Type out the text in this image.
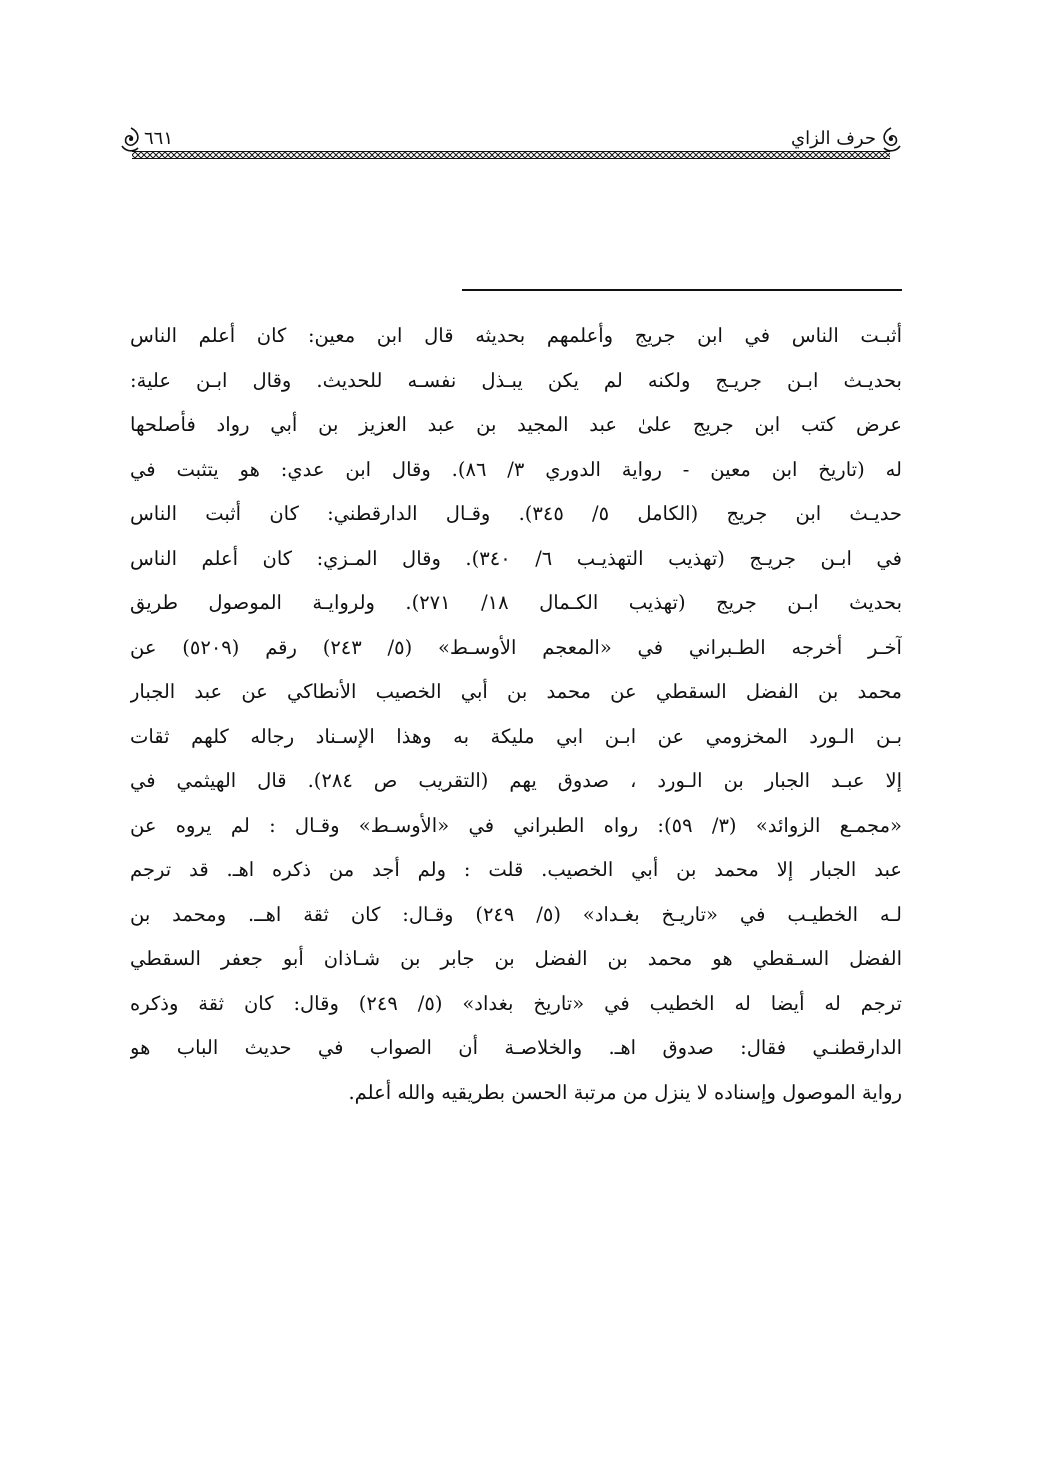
حرف الزاي
٦٦١
أثبـت الناس في ابن جريج وأعلمهم بحديثه قال ابن معين: كان أعلم الناس
بحديـث ابـن جريـج ولكنه لم يكن يبـذل نفسـه للحديث. وقال ابـن علية:
عرض كتب ابن جريج علىٰ عبد المجيد بن عبد العزيز بن أبي رواد فأصلحها
له (تاريخ ابن معين - رواية الدوري ٣/ ٨٦). وقال ابن عدي: هو يتثبت في
حديـث ابن جريج (الكامل ٥/ ٣٤٥). وقـال الدارقطني: كان أثبت الناس
في ابـن جريـج (تهذيب التهذيـب ٦/ ٣٤٠). وقال المـزي: كان أعلم الناس
بحديث ابـن جريج (تهذيب الكـمال ١٨/ ٢٧١). ولروايـة الموصول طريق
آخـر أخرجه الطـبراني في «المعجم الأوسـط» (٥/ ٢٤٣) رقم (٥٢٠٩) عن
محمد بن الفضل السقطي عن محمد بن أبي الخصيب الأنطاكي عن عبد الجبار
بـن الـورد المخزومي عن ابـن ابي مليكة به وهذا الإسـناد رجاله كلهم ثقات
إلا عبـد الجبار بن الـورد ، صدوق يهم (التقريب ص ٢٨٤). قال الهيثمي في
«مجمـع الزوائد» (٣/ ٥٩): رواه الطبراني في «الأوسـط» وقـال : لم يروه عن
عبد الجبار إلا محمد بن أبي الخصيب. قلت : ولم أجد من ذكره اهـ. قد ترجم
لـه الخطيـب في «تاريـخ بغـداد» (٥/ ٢٤٩) وقـال: كان ثقة اهــ. ومحمد بن
الفضل السـقطي هو محمد بن الفضل بن جابر بن شـاذان أبو جعفر السقطي
ترجم له أيضا له الخطيب في «تاريخ بغداد» (٥/ ٢٤٩) وقال: كان ثقة وذكره
الدارقطنـي فقال: صدوق اهـ. والخلاصـة أن الصواب في حديث الباب هو
رواية الموصول وإسناده لا ينزل من مرتبة الحسن بطريقيه والله أعلم.
